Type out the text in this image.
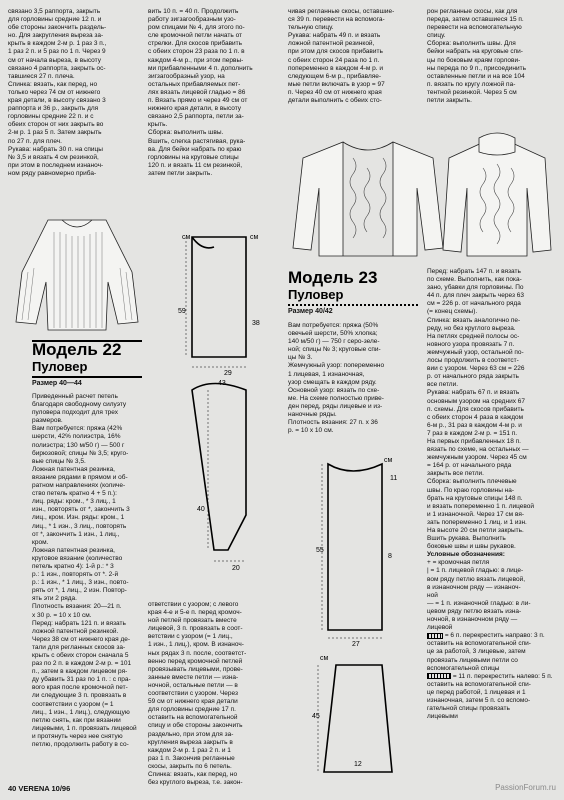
связано 3,5 раппорта, закрыть
для горловины средние 12 п. и
обе стороны закончить раздель-
но. Для закругления выреза за-
крыть в каждом 2-м р. 1 раз 3 п.,
1 раз 2 п. и 5 раз по 1 п. Через 9
см от начала выреза, в высоту
связано 4 раппорта, закрыть ос-
тавшиеся 27 п. плеча.

Спинка: вязать, как перед, но
только через 74 см от нижнего
края детали, в высоту связано 3
раппорта и 36 р., закрыть для
горловины средние 22 п. и с
обеих сторон от них закрыть во
2-м р. 1 раз 5 п. Затем закрыть
по 27 п. для плеч.

Рукава: набрать 30 п. на спицы
№ 3,5 и вязать 4 см резинкой,
при этом в последнем изнаноч-
ном ряду равномерно приба-

вить 10 п. = 40 п. Продолжить
работу зигзагообразным узо-
ром спицами № 4, для этого по-
сле кромочной петли начать от
стрелки. Для скосов прибавить
с обеих сторон 23 раза по 1 п. в
каждом 4-м р., при этом первы-
ми прибавленными 4 п. дополнить
зигзагообразный узор, на
остальных прибавляемых пет-
лях вязать лицевой гладью = 86
п. Вязать прямо и через 49 см от
нижнего края детали, в высоту
связано 2,5 раппорта, петли за-
крыть.

Сборка: выполнить швы.
Вшить, слегка растягивая, рука-
ва. Для бейки набрать по краю
горловины на круговые спицы
120 п. и вязать 11 см резинкой,
затем петли закрыть.

чивая регланные скосы, оставшие-
ся 39 п. перевести на вспомога-
тельную спицу.

Рукава: набрать 49 п. и вязать
ложной патентной резинкой,
при этом для скосов прибавить
с обеих сторон 24 раза по 1 п.
попеременно в каждом 4-м р. и
следующем 6-м р., прибавляе-
мые петли включать в узор = 97
п. Через 40 см от нижнего края
детали выполнить с обеих сто-

рон регланные скосы, как для
переда, затем оставшиеся 15 п.
перевести на вспомогательную
спицу.

Сборка: выполнить швы. Для
бейки набрать на круговые спи-
цы по боковым краям горлови-
ны переда по 9 п., присоединить
оставленные петли и на все 104
п. вязать по кругу ложной па-
тентной резинкой. Через 5 см
петли закрыть.

см	см
59
38
29
40
20
43
Модель 22
Пуловер
Размер 40—44

Приведенный расчет петель
благодаря свободному силуэту
пуловера подходит для трех
размеров.
Вам потребуется: пряжа (42%
шерсти, 42% полиэстра, 16%
полиэстра; 130 м/50 г) — 500 г
бирюзовой; спицы № 3,5; круго-
вые спицы № 3,5.
Ложная патентная резинка,
вязание рядами в прямом и об-
ратном направлениях (количе-
ство петель кратно 4 + 5 п.):
лиц. ряды: кром., * 3 лиц., 1
изн., повторять от *, закончить 3
лиц., кром. Изн. ряды: кром., 1
лиц., * 1 изн., 3 лиц., повторять
от *, закончить 1 изн., 1 лиц.,
кром.
Ложная патентная резинка,
круговое вязание (количество
петель кратно 4): 1-й р.: * 3
р.: 1 изн., повторять от *. 2-й
р.: 1 изн., * 1 лиц., 3 изн., повто-
рять от *, 1 лиц., 2 изн. Повтор-
ять эти 2 ряда.
Плотность вязания: 20—21 п.
х 30 р. = 10 х 10 см.
Перед: набрать 121 п. и вязать
ложной патентной резинкой.
Через 38 см от нижнего края де-
тали для регланных скосов за-
крыть с обеих сторон сначала 5
раз по 2 п. в каждом 2-м р. = 101
п., затем в каждом лицевом ря-
ду убавить 31 раз по 1 п. : с пра-
вого края после кромочной пет-
ли следующие 3 п. провязать в
соответствии с узором (= 1
лиц., 1 изн., 1 лиц.), следующую
петлю снять, как при вязании
лицевыми, 1 п. провязать лицевой
и протянуть через нее снятую
петлю, продолжить работу в со-

ответствии с узором; с левого
края 4-е и 5-е п. перед кромоч-
ной петлей провязать вместе
лицевой, 3 п. провязать в соот-
ветствии с узором (= 1 лиц.,
1 изн., 1 лиц.), кром. В изнаноч-
ных рядах 3 п. после, соответст-
венно перед кромочной петлей
провязывать лицевыми, прове-
занные вместе петли — изна-
ночной, остальные петли — в
соответствии с узором. Через
59 см от нижнего края детали
для горловины средние 17 п.
оставить на вспомогательной
спицу и обе стороны закончить
раздельно, при этом для за-
кругления выреза закрыть в
каждом 2-м р. 1 раз 2 п. и 1
раз 1 п. Закончив регланные
скосы, закрыть по 6 петель.
Спинка: вязать, как перед, но
без круглого выреза, т.е. закон-

Модель 23
Пуловер
Размер 40/42

Вам потребуется: пряжа (50%
овечьей шерсти, 50% хлопка;
140 м/50 г) — 750 г серо-зеле-
ной; спицы № 3; круговые спи-
цы № 3.
Жемчужный узор: попеременно
1 лицевая, 1 изнаночная,
узор смещать в каждом ряду.
Основной узор: вязать по схе-
ме. На схеме полностью приве-
ден перед, ряды лицевые и из-
наночные ряды.
Плотность вязания: 27 п. х 36
р. = 10 х 10 см.

см
11
55
8
27
см
45
12

Перед: набрать 147 п. и вязать
по схеме. Выполнить, как пока-
зано, убавки для горловины. По
44 п. для плеч закрыть через 63
см = 226 р. от начального ряда
(= конец схемы).
Спинка: вязать аналогично пе-
реду, но без круглого выреза.
На петлях средней полосы ос-
новного узора провязать 7 п.
жемчужный узор, остальной по-
лосы продолжить в соответст-
вии с узором. Через 63 см = 226
р. от начального ряда закрыть
все петли.
Рукава: набрать 67 п. и вязать
основным узором на средних 67
п. схемы. Для скосов прибавить
с обеих сторон 4 раза в каждом
6-м р., 31 раз в каждом 4-м р. и
7 раз в каждом 2-м р. = 151 п.
На первых прибавленных 18 п.
вязать по схеме, на остальных —
жемчужным узором. Через 45 см
= 164 р. от начального ряда
закрыть все петли.
Сборка: выполнить плечевые
швы. По краю горловины на-
брать на круговые спицы 148 п.
и вязать попеременно 1 п. лицевой
и 1 изнаночной. Через 17 см вя-
зать попеременно 1 лиц. и 1 изн.
На высоте 20 см петли закрыть.
Вшить рукава. Выполнить
боковые швы и швы рукавов.

Условные обозначения:

+ = кромочная петля

| = 1 п. лицевой гладью: в лице-
вом ряду петлю вязать лицевой,
в изнаночном ряду — изнаноч-
ной

— = 1 п. изнаночной гладью: в ли-
цевом ряду петлю вязать изна-
ночной, в изнаночном ряду —
лицевой

= 6 п. перекрестить направо: 3 п.
оставить на вспомогательной спи-
це за работой, 3 лицевые, затем
провязать лицевыми петли со
вспомогательной спицы

= 11 п. перекрестить налево: 5 п.
оставить на вспомогательной спи-
це перед работой, 1 лицевая и 1
изнаночная, затем 5 п. со вспомо-
гательной спицы провязать
лицевыми

40 VERENA 10/96	PassionForum.ru
